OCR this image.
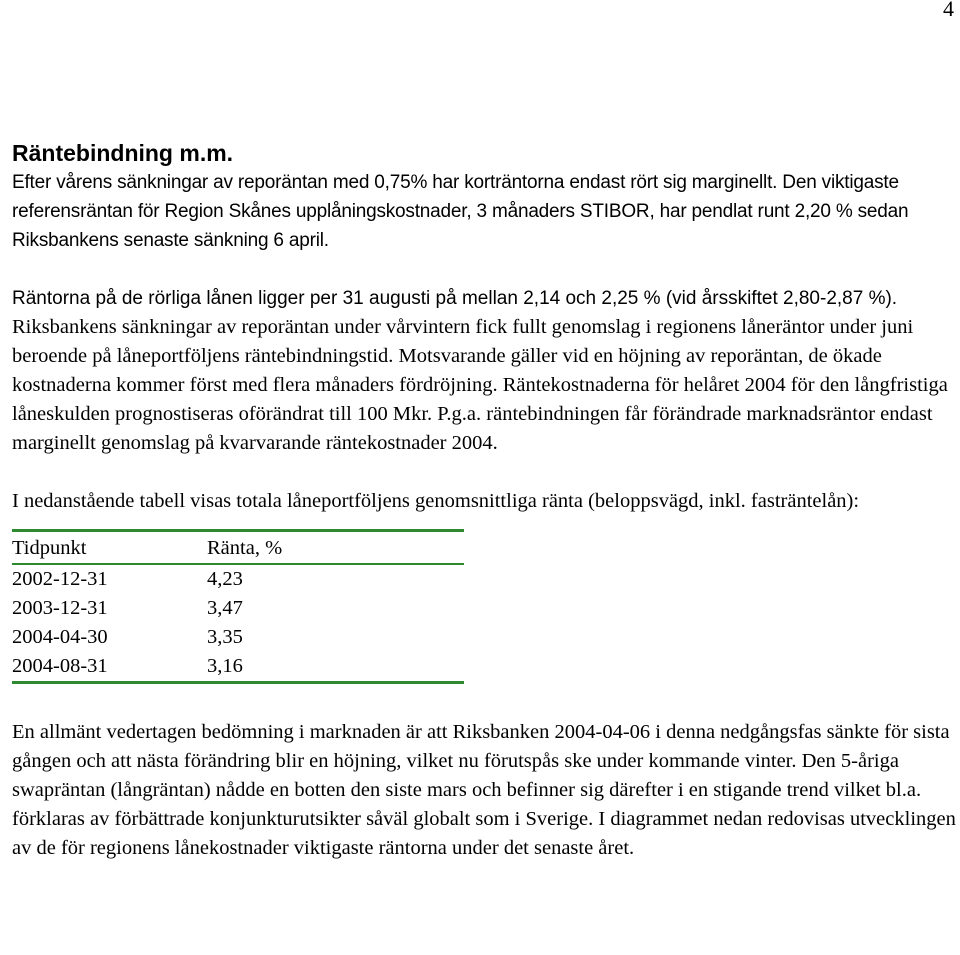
4
Räntebindning m.m.

Efter vårens sänkningar av reporäntan med 0,75% har korträntorna endast rört sig marginellt. Den viktigaste referensräntan för Region Skånes upplåningskostnader, 3 månaders STIBOR, har pendlat runt 2,20 % sedan Riksbankens senaste sänkning 6 april.

Räntorna på de rörliga lånen ligger per 31 augusti på mellan 2,14 och 2,25 % (vid årsskiftet 2,80-2,87 %). Riksbankens sänkningar av reporäntan under vårvintern fick fullt genomslag i regionens låneräntor under juni beroende på låneportföljens räntebindningstid. Motsvarande gäller vid en höjning av reporäntan, de ökade kostnaderna kommer först med flera månaders fördröjning. Räntekostnaderna för helåret 2004 för den långfristiga låneskulden prognostiseras oförändrat till 100 Mkr. P.g.a. räntebindningen får förändrade marknadsräntor endast marginellt genomslag på kvarvarande räntekostnader 2004.

I nedanstående tabell visas totala låneportföljens genomsnittliga ränta (beloppsvägd, inkl. fasträntelån):

Tidpunkt	Ränta, %
2002-12-31	4,23
2003-12-31	3,47
2004-04-30	3,35
2004-08-31	3,16

En allmänt vedertagen bedömning i marknaden är att Riksbanken 2004-04-06 i denna nedgångsfas sänkte för sista gången och att nästa förändring blir en höjning, vilket nu förutspås ske under kommande vinter. Den 5-åriga swapräntan (långräntan) nådde en botten den siste mars och befinner sig därefter i en stigande trend vilket bl.a. förklaras av förbättrade konjunkturutsikter såväl globalt som i Sverige. I diagrammet nedan redovisas utvecklingen av de för regionens lånekostnader viktigaste räntorna under det senaste året.
